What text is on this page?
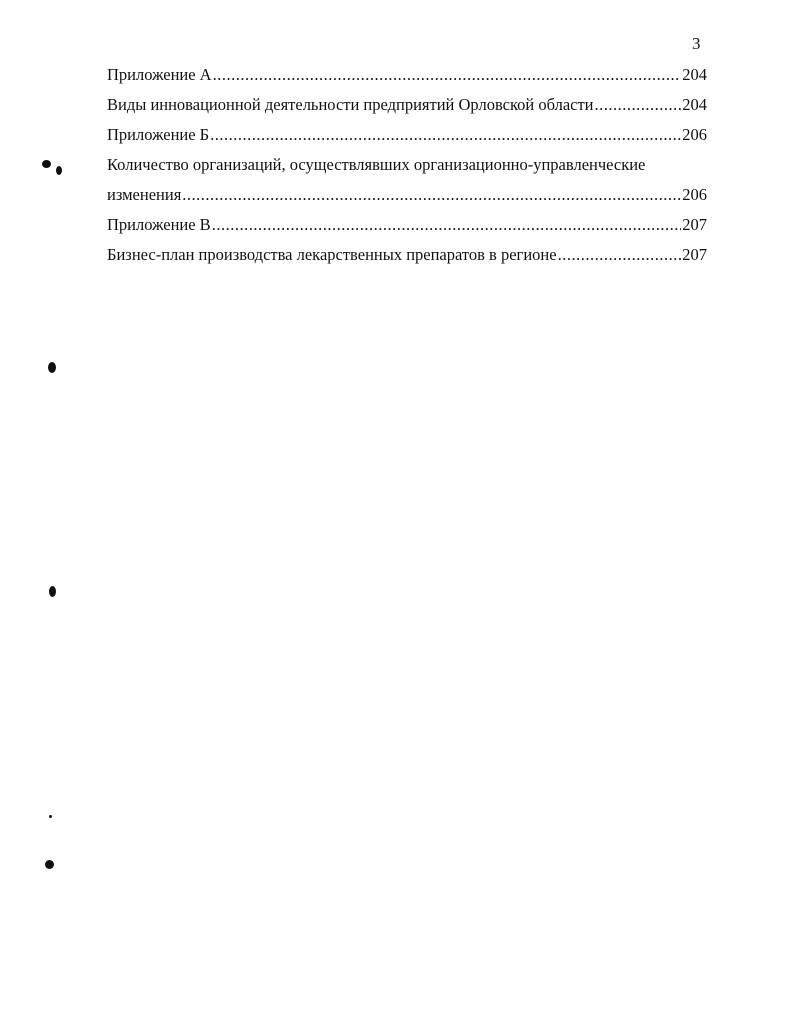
3
Приложение А .....	204
Виды инновационной деятельности предприятий Орловской области .....	204
Приложение Б .....	206
Количество организаций, осуществлявших организационно-управленческие
изменения .....	206
Приложение В .....	207
Бизнес-план производства лекарственных препаратов в регионе .....	207
